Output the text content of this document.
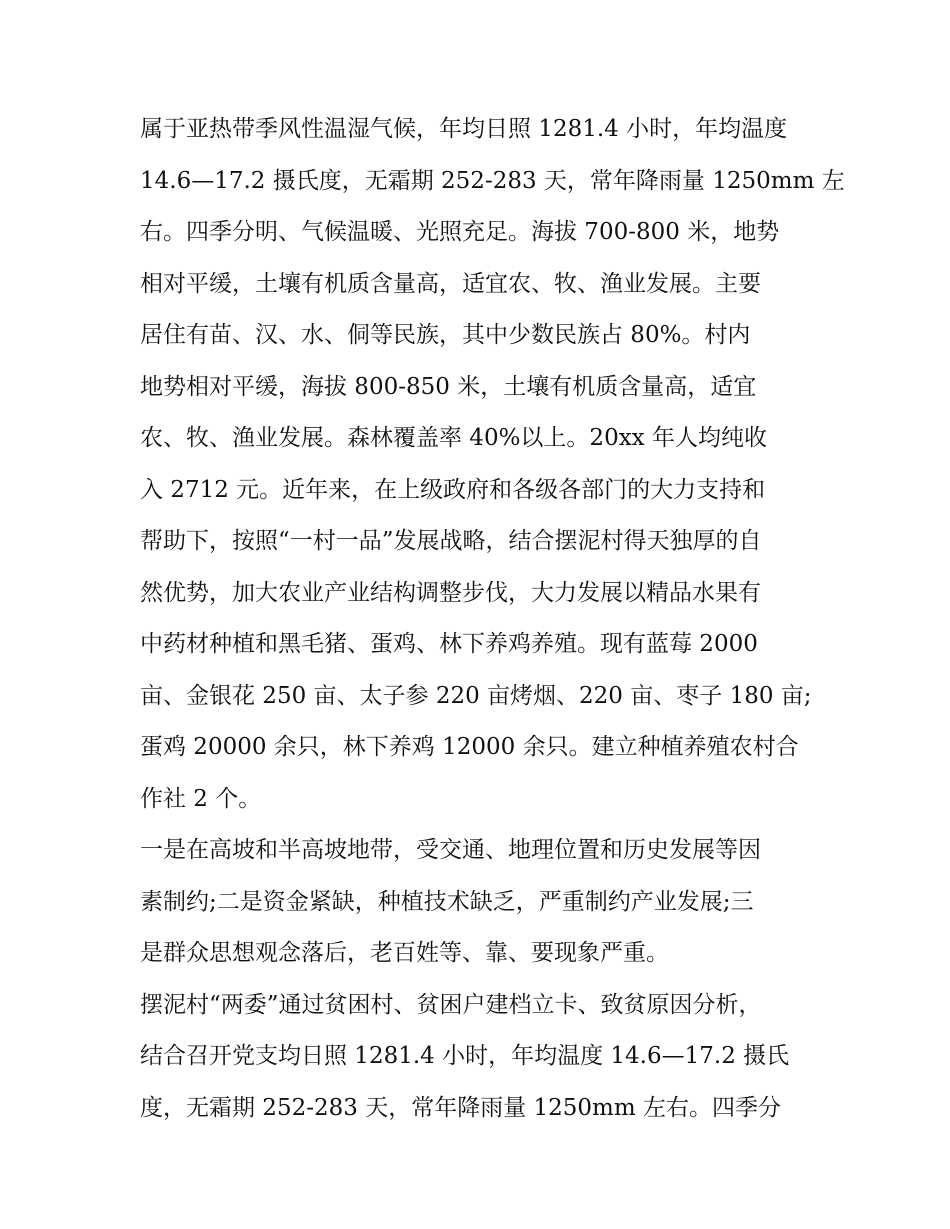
属于亚热带季风性温湿气候，年均日照 1281.4 小时，年均温度
14.6—17.2 摄氏度，无霜期 252-283 天，常年降雨量 1250mm 左
右。四季分明、气候温暖、光照充足。海拔 700-800 米，地势
相对平缓，土壤有机质含量高，适宜农、牧、渔业发展。主要
居住有苗、汉、水、侗等民族，其中少数民族占 80%。村内
地势相对平缓，海拔 800-850 米，土壤有机质含量高，适宜
农、牧、渔业发展。森林覆盖率 40%以上。20xx 年人均纯收
入 2712 元。近年来，在上级政府和各级各部门的大力支持和
帮助下，按照“一村一品”发展战略，结合摆泥村得天独厚的自
然优势，加大农业产业结构调整步伐，大力发展以精品水果有
中药材种植和黑毛猪、蛋鸡、林下养鸡养殖。现有蓝莓 2000
亩、金银花 250 亩、太子参 220 亩烤烟、220 亩、枣子 180 亩;
蛋鸡 20000 余只，林下养鸡 12000 余只。建立种植养殖农村合
作社 2 个。
一是在高坡和半高坡地带，受交通、地理位置和历史发展等因
素制约;二是资金紧缺，种植技术缺乏，严重制约产业发展;三
是群众思想观念落后，老百姓等、靠、要现象严重。
摆泥村“两委”通过贫困村、贫困户建档立卡、致贫原因分析，
结合召开党支均日照 1281.4 小时，年均温度 14.6—17.2 摄氏
度，无霜期 252-283 天，常年降雨量 1250mm 左右。四季分
